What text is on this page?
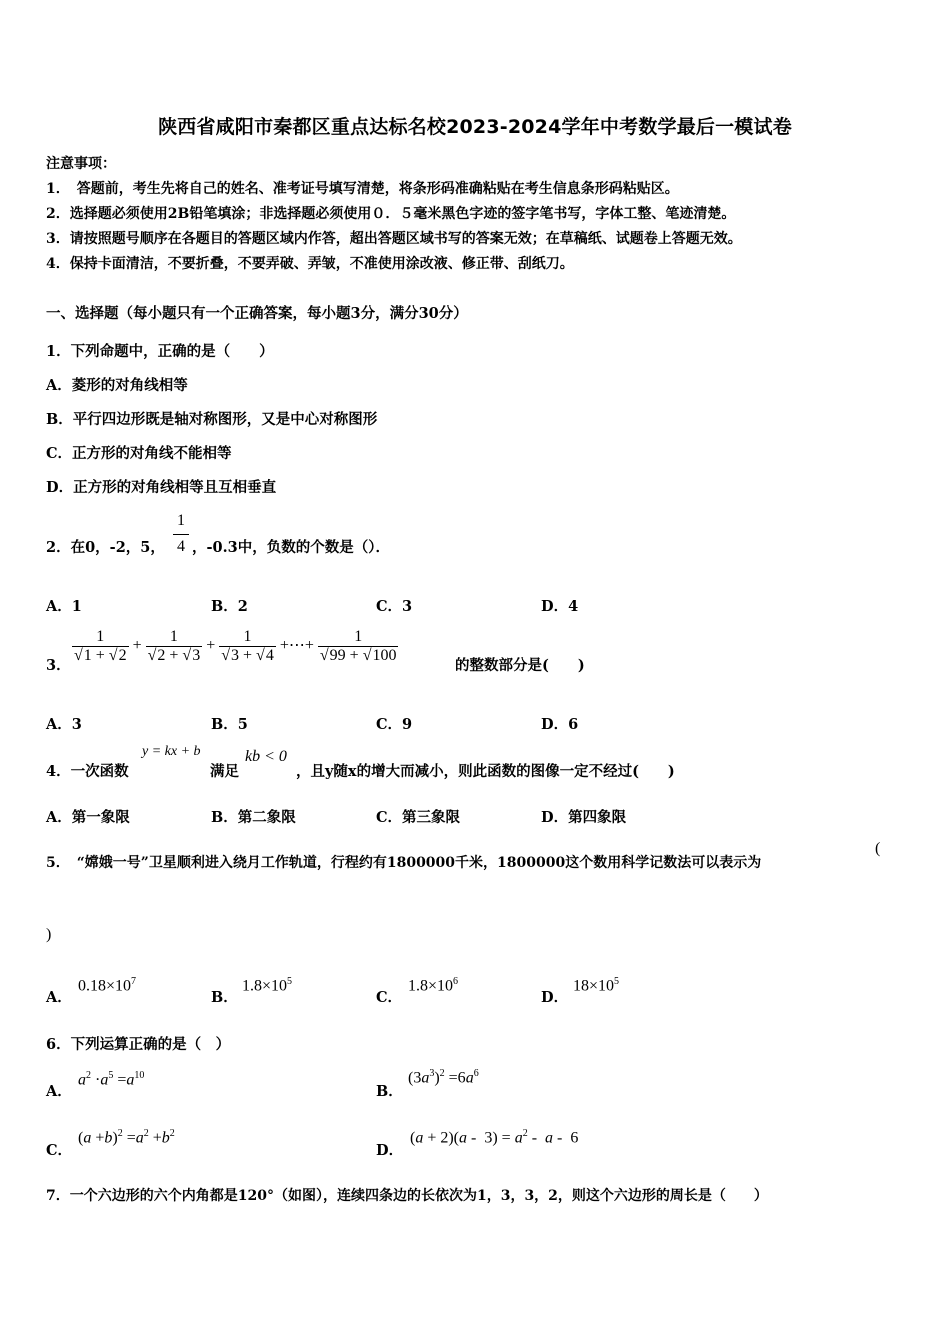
陕西省咸阳市秦都区重点达标名校2023-2024学年中考数学最后一模试卷
注意事项：
1．　答题前，考生先将自己的姓名、准考证号填写清楚，将条形码准确粘贴在考生信息条形码粘贴区。
2．选择题必须使用2B铅笔填涂；非选择题必须使用０．５毫米黑色字迹的签字笔书写，字体工整、笔迹清楚。
3．请按照题号顺序在各题目的答题区域内作答，超出答题区域书写的答案无效；在草稿纸、试题卷上答题无效。
4．保持卡面清洁，不要折叠，不要弄破、弄皱，不准使用涂改液、修正带、刮纸刀。
一、选择题（每小题只有一个正确答案，每小题3分，满分30分）
1．下列命题中，正确的是（　　）
A．菱形的对角线相等
B．平行四边形既是轴对称图形，又是中心对称图形
C．正方形的对角线不能相等
D．正方形的对角线相等且互相垂直
2．在0，-2，5，
1
4 ，-0.3中，负数的个数是（）．
A．1	B．2	C．3	D．4
3．
$\frac{1}{√1 + √2} + \frac{1}{√2 + √3} + \frac{1}{√3 + √4}$ +⋯+ $\frac{1}{√99 + √100}$
的整数部分是(　　)
A．3	B．5	C．9	D．6
4．一次函数
y = kx + b
满足
kb < 0
，且y随x的增大而减小，则此函数的图像一定不经过(　　)
A．第一象限	B．第二象限	C．第三象限	D．第四象限
5．　“嫦娥一号”卫星顺利进入绕月工作轨道，行程约有1800000千米，1800000这个数用科学记数法可以表示为
(
)
A．
$0.18\times 10^7$
B．
$1.8\times 10^5$
C．
$1.8\times 10^6$
D．
$18\times 10^5$
6．下列运算正确的是（　）
A．
$a^2 \cdot a^5 =a^{10}$
B．
$(3a^3)^2 =6a^6$
C．
$(a +b)^2 =a^2 +b^2$
D．
$(a + 2)(a - 3) = a^2 - a - 6$
7．一个六边形的六个内角都是120°（如图），连续四条边的长依次为1，3，3，2，则这个六边形的周长是（　　）
